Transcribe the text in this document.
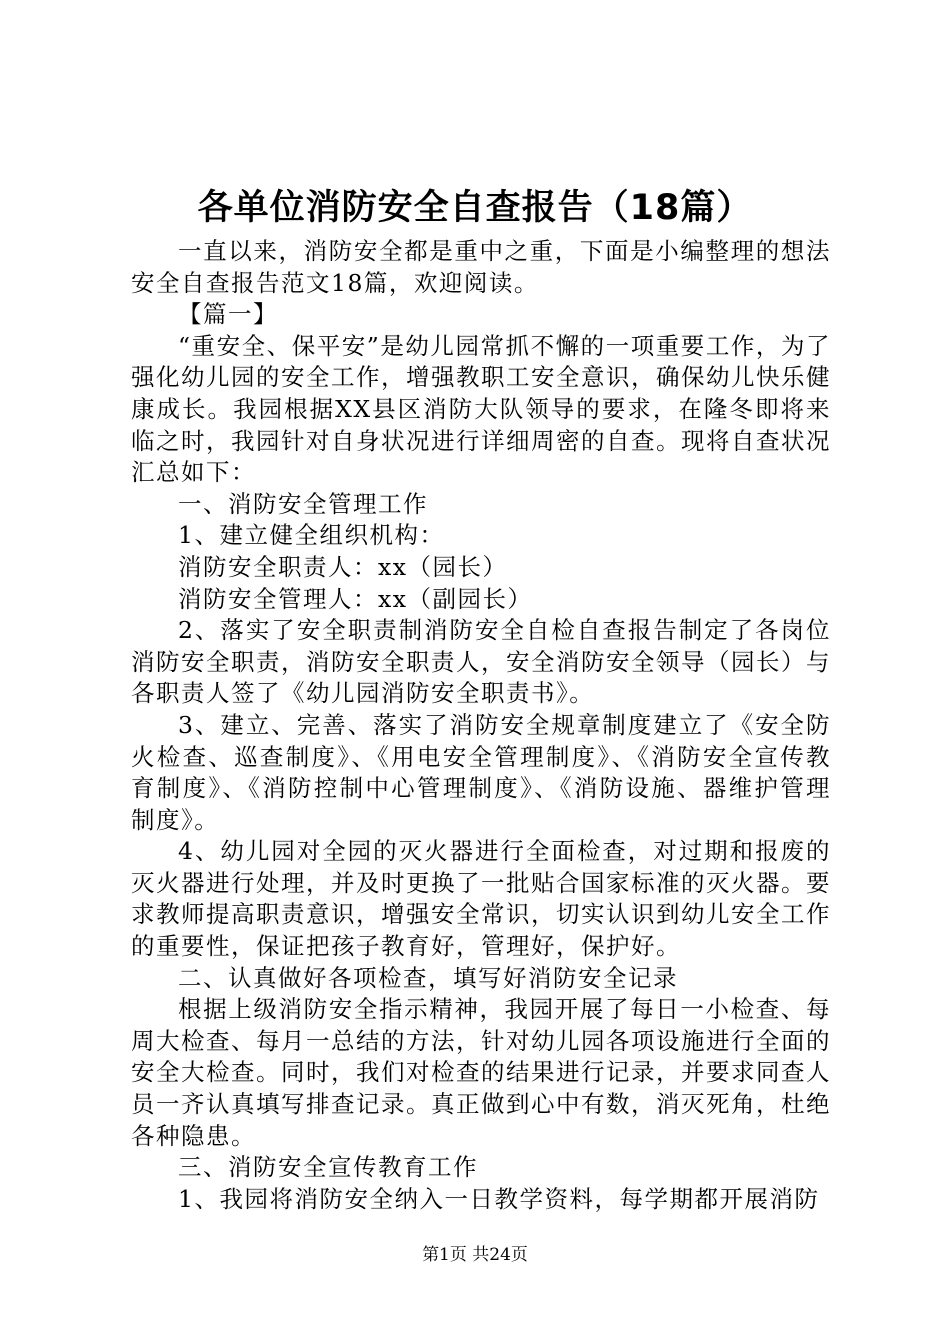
各单位消防安全自查报告（18篇）

一直以来，消防安全都是重中之重，下面是小编整理的想法安全自查报告范文18篇，欢迎阅读。

【篇一】

“重安全、保平安”是幼儿园常抓不懈的一项重要工作，为了强化幼儿园的安全工作，增强教职工安全意识，确保幼儿快乐健康成长。我园根据XX县区消防大队领导的要求，在隆冬即将来临之时，我园针对自身状况进行详细周密的自查。现将自查状况汇总如下：

一、消防安全管理工作

1、建立健全组织机构：

消防安全职责人：xx（园长）

消防安全管理人：xx（副园长）

2、落实了安全职责制消防安全自检自查报告制定了各岗位消防安全职责，消防安全职责人，安全消防安全领导（园长）与各职责人签了《幼儿园消防安全职责书》。

3、建立、完善、落实了消防安全规章制度建立了《安全防火检查、巡查制度》、《用电安全管理制度》、《消防安全宣传教育制度》、《消防控制中心管理制度》、《消防设施、器维护管理制度》。

4、幼儿园对全园的灭火器进行全面检查，对过期和报废的灭火器进行处理，并及时更换了一批贴合国家标准的灭火器。要求教师提高职责意识，增强安全常识，切实认识到幼儿安全工作的重要性，保证把孩子教育好，管理好，保护好。

二、认真做好各项检查，填写好消防安全记录

根据上级消防安全指示精神，我园开展了每日一小检查、每周大检查、每月一总结的方法，针对幼儿园各项设施进行全面的安全大检查。同时，我们对检查的结果进行记录，并要求同查人员一齐认真填写排查记录。真正做到心中有数，消灭死角，杜绝各种隐患。

三、消防安全宣传教育工作

1、我园将消防安全纳入一日教学资料，每学期都开展消防

第1页 共24页
